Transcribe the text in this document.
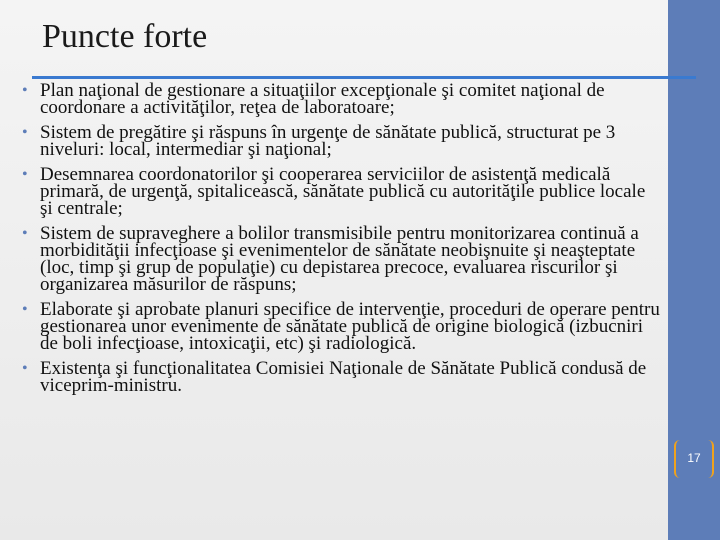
Puncte forte
• Plan naţional de gestionare a situaţiilor excepţionale şi comitet naţional de coordonare a activităţilor, reţea de laboratoare;
• Sistem de pregătire şi răspuns în urgenţe de sănătate publică, structurat pe 3 niveluri: local, intermediar şi naţional;
• Desemnarea coordonatorilor şi cooperarea serviciilor de asistenţă medicală primară, de urgenţă, spitalicească, sănătate publică cu autorităţile publice locale şi centrale;
• Sistem de supraveghere a bolilor transmisibile pentru monitorizarea continuă a morbidităţii infecţioase şi evenimentelor de sănătate neobişnuite şi neaşteptate (loc, timp şi grup de populaţie) cu depistarea precoce, evaluarea riscurilor şi organizarea măsurilor de răspuns;
• Elaborate şi aprobate planuri specifice de intervenţie, proceduri de operare pentru gestionarea unor evenimente de sănătate publică de origine biologică (izbucniri de boli infecţioase, intoxicaţii, etc) şi radiologică.
• Existenţa şi funcţionalitatea Comisiei Naţionale de Sănătate Publică condusă de viceprim-ministru.
17
